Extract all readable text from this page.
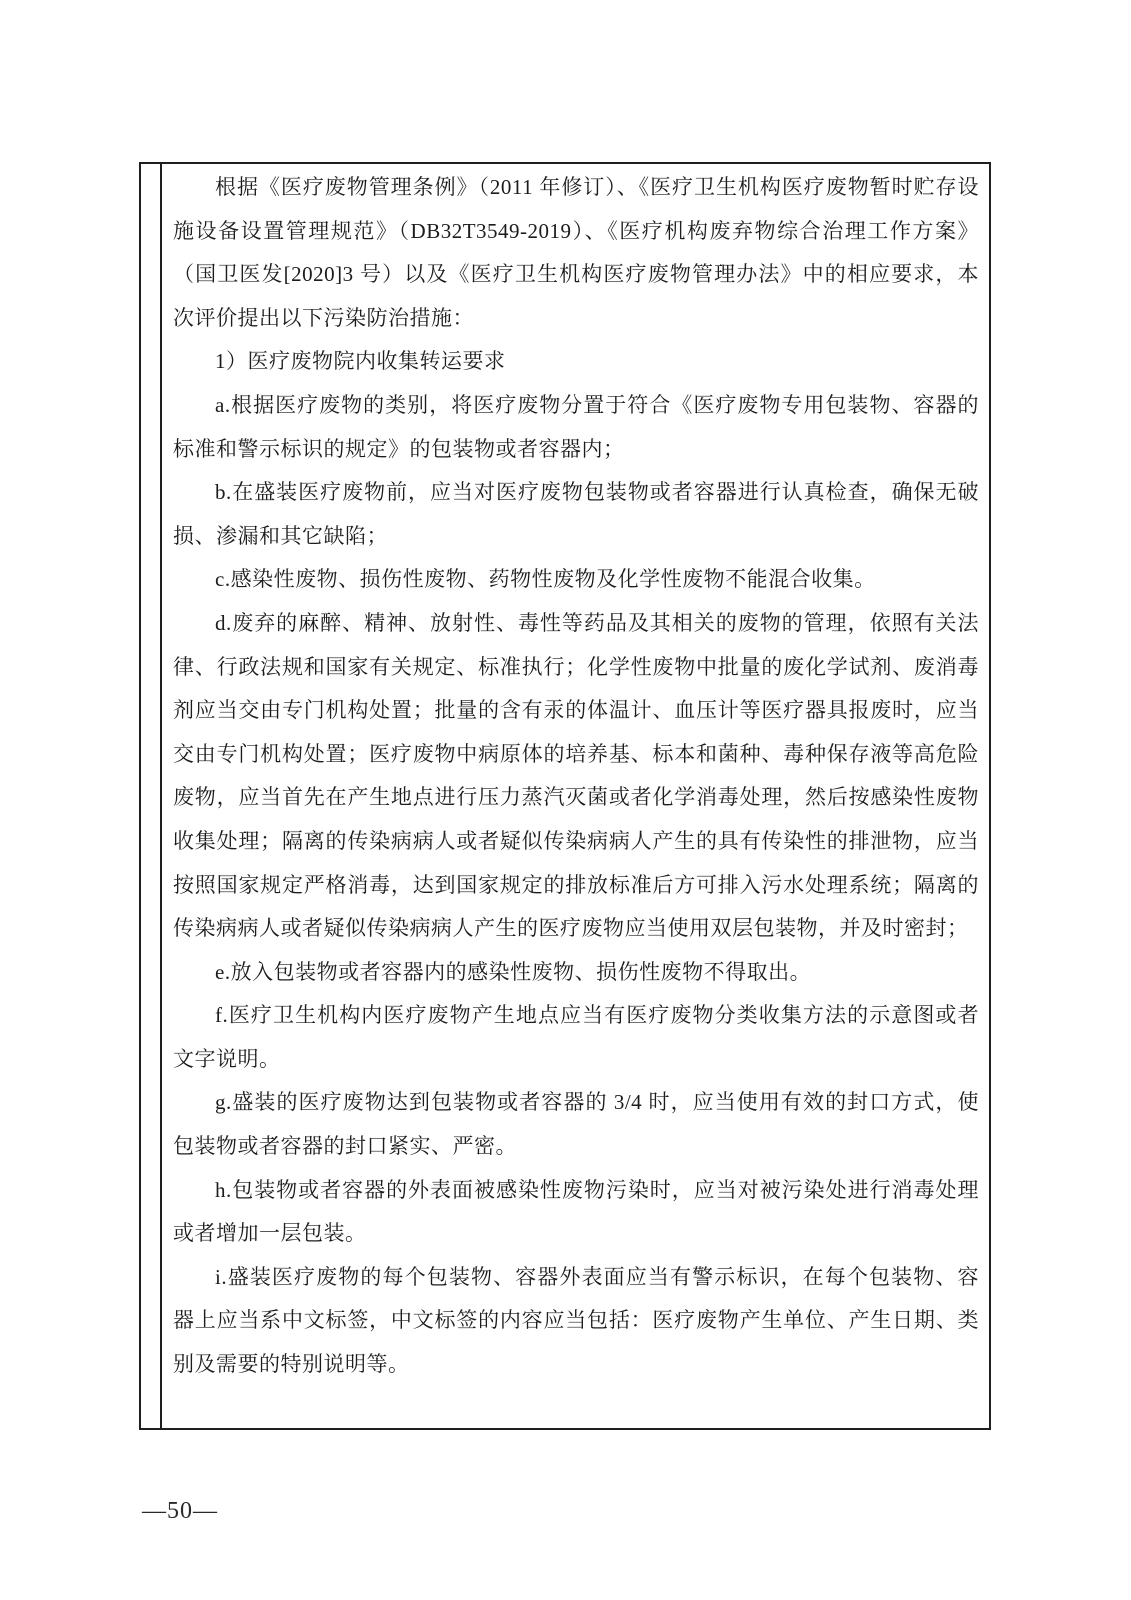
根据《医疗废物管理条例》（2011 年修订）、《医疗卫生机构医疗废物暂时贮存设施设备设置管理规范》（DB32T3549-2019）、《医疗机构废弃物综合治理工作方案》（国卫医发[2020]3 号）以及《医疗卫生机构医疗废物管理办法》中的相应要求，本次评价提出以下污染防治措施：

1）医疗废物院内收集转运要求

a.根据医疗废物的类别，将医疗废物分置于符合《医疗废物专用包装物、容器的标准和警示标识的规定》的包装物或者容器内；

b.在盛装医疗废物前，应当对医疗废物包装物或者容器进行认真检查，确保无破损、渗漏和其它缺陷；

c.感染性废物、损伤性废物、药物性废物及化学性废物不能混合收集。

d.废弃的麻醉、精神、放射性、毒性等药品及其相关的废物的管理，依照有关法律、行政法规和国家有关规定、标准执行；化学性废物中批量的废化学试剂、废消毒剂应当交由专门机构处置；批量的含有汞的体温计、血压计等医疗器具报废时，应当交由专门机构处置；医疗废物中病原体的培养基、标本和菌种、毒种保存液等高危险废物，应当首先在产生地点进行压力蒸汽灭菌或者化学消毒处理，然后按感染性废物收集处理；隔离的传染病病人或者疑似传染病病人产生的具有传染性的排泄物，应当按照国家规定严格消毒，达到国家规定的排放标准后方可排入污水处理系统；隔离的传染病病人或者疑似传染病病人产生的医疗废物应当使用双层包装物，并及时密封；

e.放入包装物或者容器内的感染性废物、损伤性废物不得取出。

f.医疗卫生机构内医疗废物产生地点应当有医疗废物分类收集方法的示意图或者文字说明。

g.盛装的医疗废物达到包装物或者容器的 3/4 时，应当使用有效的封口方式，使包装物或者容器的封口紧实、严密。

h.包装物或者容器的外表面被感染性废物污染时，应当对被污染处进行消毒处理或者增加一层包装。

i.盛装医疗废物的每个包装物、容器外表面应当有警示标识，在每个包装物、容器上应当系中文标签，中文标签的内容应当包括：医疗废物产生单位、产生日期、类别及需要的特别说明等。

—50—
